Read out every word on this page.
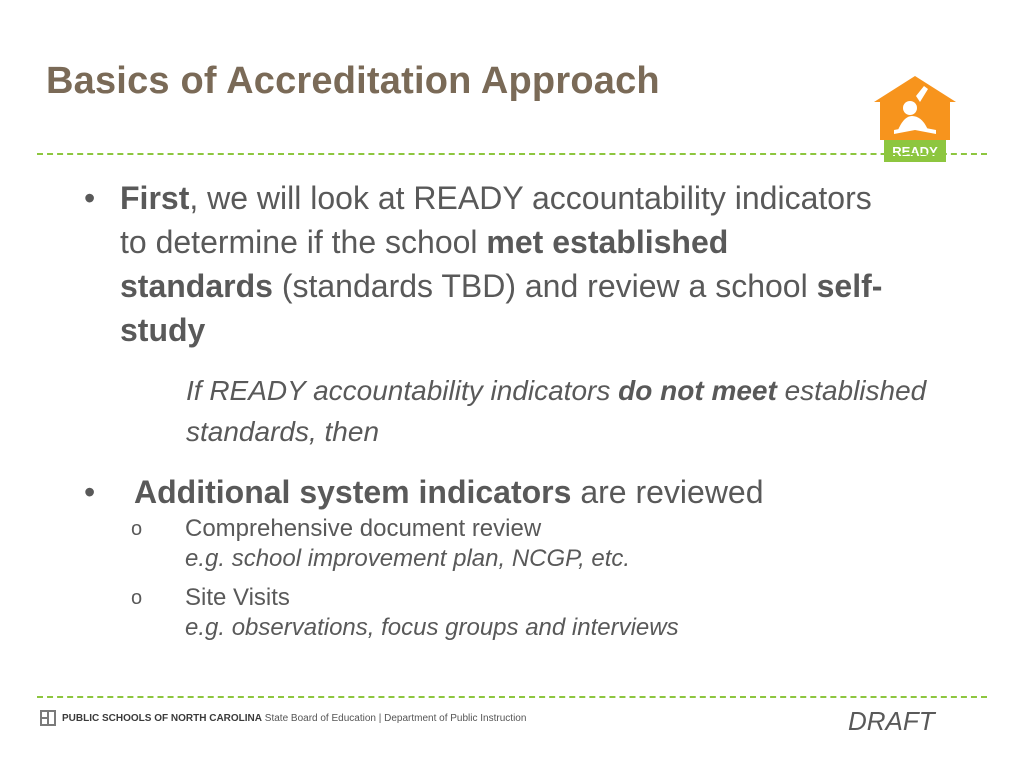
Basics of Accreditation Approach
READY
• First, we will look at READY accountability indicators to determine if the school met established standards (standards TBD) and review a school self-study
If READY accountability indicators do not meet established standards, then
• Additional system indicators are reviewed
o Comprehensive document review
e.g. school improvement plan, NCGP, etc.
o Site Visits
e.g. observations, focus groups and interviews
PUBLIC SCHOOLS OF NORTH CAROLINA State Board of Education | Department of Public Instruction	DRAFT
